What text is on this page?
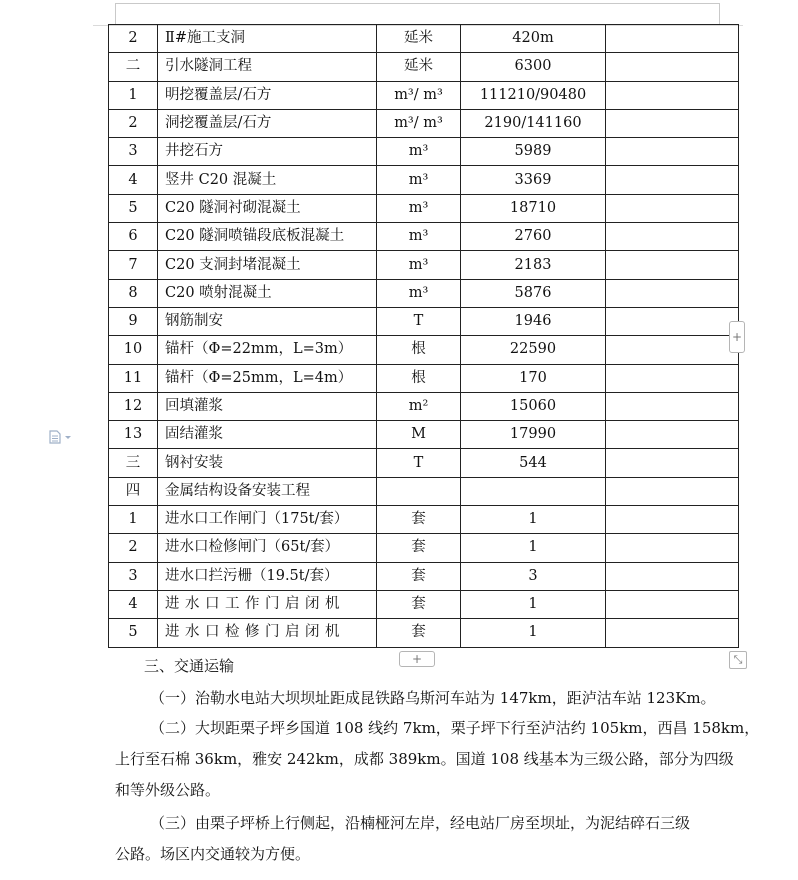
2	Ⅱ#施工支洞	延米	420m	
二	引水隧洞工程	延米	6300	
1	明挖覆盖层/石方	m³/ m³	111210/90480	
2	洞挖覆盖层/石方	m³/ m³	2190/141160	
3	井挖石方	m³	5989	
4	竖井 C20 混凝土	m³	3369	
5	C20 隧洞衬砌混凝土	m³	18710	
6	C20 隧洞喷锚段底板混凝土	m³	2760	
7	C20 支洞封堵混凝土	m³	2183	
8	C20 喷射混凝土	m³	5876	
9	钢筋制安	T	1946	
10	锚杆（Φ=22mm，L=3m）	根	22590	
11	锚杆（Φ=25mm，L=4m）	根	170	
12	回填灌浆	m²	15060	
13	固结灌浆	M	17990	
三	钢衬安装	T	544	
四	金属结构设备安装工程			
1	进水口工作闸门（175t/套）	套	1	
2	进水口检修闸门（65t/套）	套	1	
3	进水口拦污栅（19.5t/套）	套	3	
4	进水口工作门启闭机	套	1	
5	进水口检修门启闭机	套	1	
+
+	⤡
三、交通运输
（一）治勒水电站大坝坝址距成昆铁路乌斯河车站为 147km，距泸沽车站 123Km。
（二）大坝距栗子坪乡国道 108 线约 7km，栗子坪下行至泸沽约 105km，西昌 158km，
上行至石棉 36km，雅安 242km，成都 389km。国道 108 线基本为三级公路，部分为四级
和等外级公路。
（三）由栗子坪桥上行侧起，沿楠桠河左岸，经电站厂房至坝址，为泥结碎石三级
公路。场区内交通较为方便。
